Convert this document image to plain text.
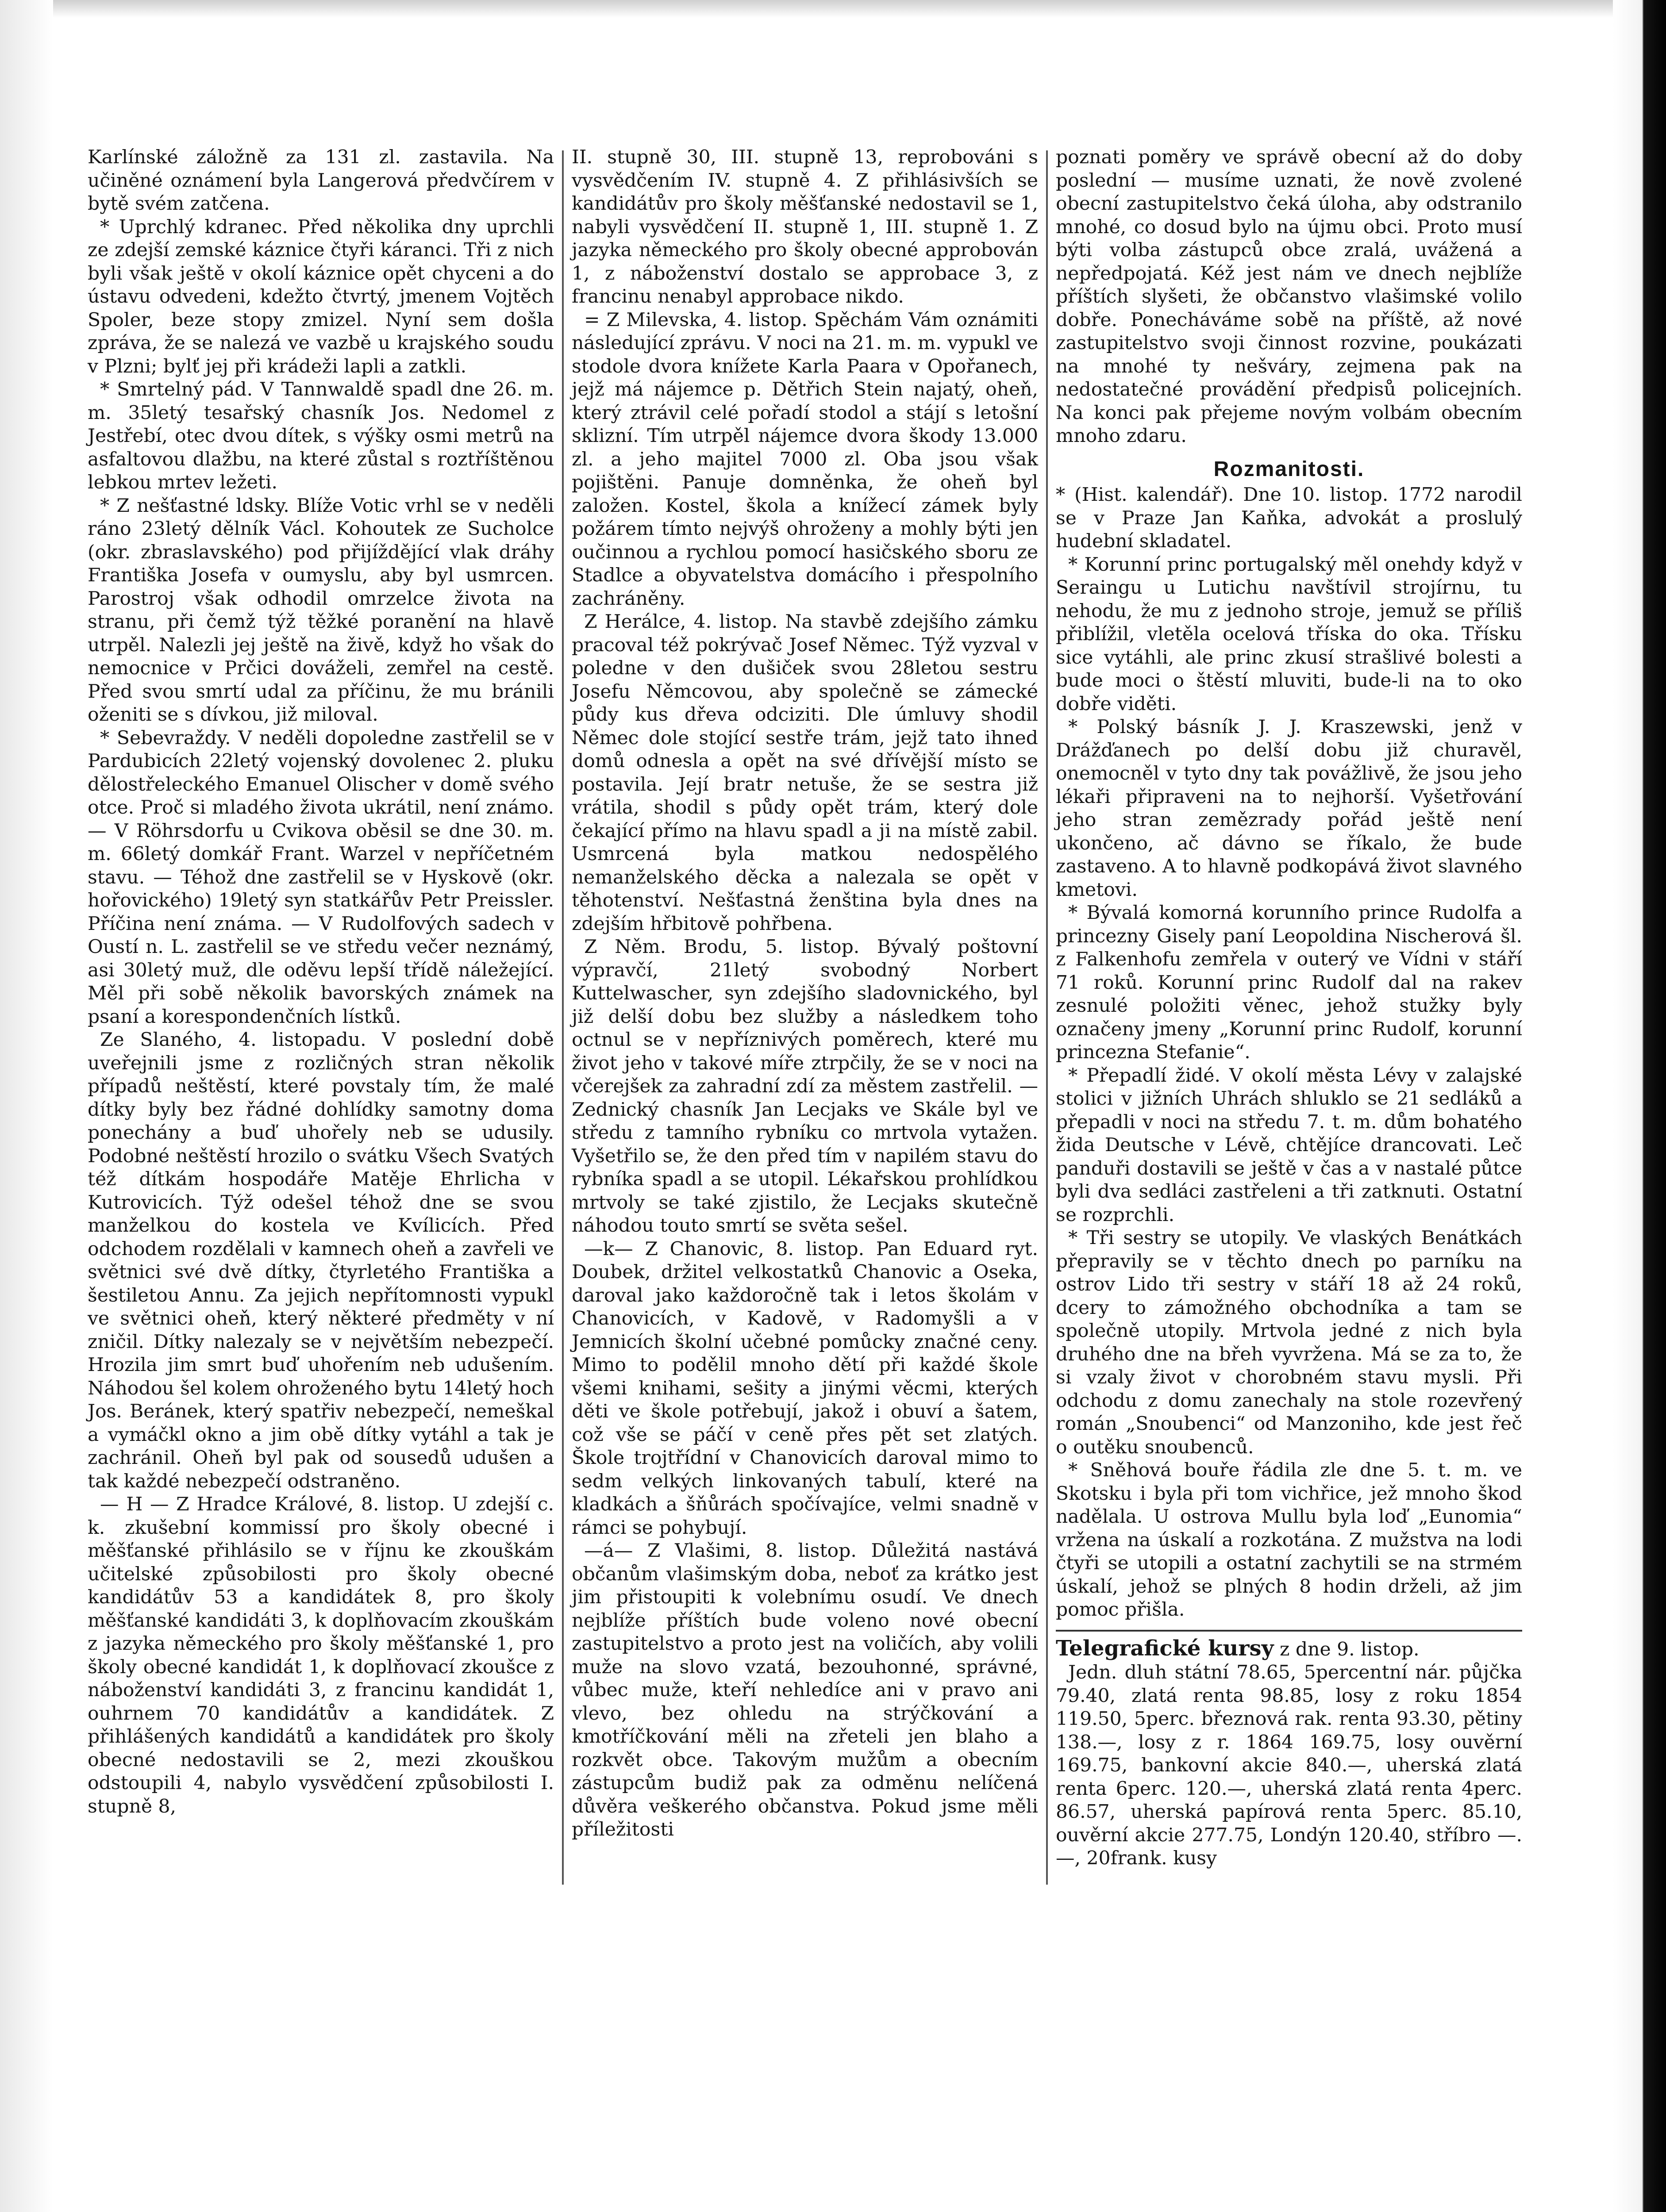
Karlínské záložně za 131 zl. zastavila. Na učiněné oznámení byla Langerová předvčírem v bytě svém zatčena.

* Uprchlý kdranec. Před několika dny uprchli ze zdejší zemské káznice čtyři káranci. Tři z nich byli však ještě v okolí káznice opět chyceni a do ústavu odvedeni, kdežto čtvrtý, jmenem Vojtěch Spoler, beze stopy zmizel. Nyní sem došla zpráva, že se nalezá ve vazbě u krajského soudu v Plzni; bylť jej při krádeži lapli a zatkli.

* Smrtelný pád. V Tannwaldě spadl dne 26. m. m. 35letý tesařský chasník Jos. Nedomel z Jestřebí, otec dvou dítek, s výšky osmi metrů na asfaltovou dlažbu, na které zůstal s roztříštěnou lebkou mrtev ležeti.

* Z nešťastné ldsky. Blíže Votic vrhl se v neděli ráno 23letý dělník Václ. Kohoutek ze Sucholce (okr. zbraslavského) pod přijíždějící vlak dráhy Františka Josefa v oumyslu, aby byl usmrcen. Parostroj však odhodil omrzelce života na stranu, při čemž týž těžké poranění na hlavě utrpěl. Nalezli jej ještě na živě, když ho však do nemocnice v Prčici dováželi, zemřel na cestě. Před svou smrtí udal za příčinu, že mu bránili oženiti se s dívkou, již miloval.

* Sebevraždy. V neděli dopoledne zastřelil se v Pardubicích 22letý vojenský dovolenec 2. pluku dělostřeleckého Emanuel Olischer v domě svého otce. Proč si mladého života ukrátil, není známo. — V Röhrsdorfu u Cvikova oběsil se dne 30. m. m. 66letý domkář Frant. Warzel v nepříčetném stavu. — Téhož dne zastřelil se v Hyskově (okr. hořovického) 19letý syn statkářův Petr Preissler. Příčina není známa. — V Rudolfových sadech v Oustí n. L. zastřelil se ve středu večer neznámý, asi 30letý muž, dle oděvu lepší třídě náležející. Měl při sobě několik bavorských známek na psaní a korespondenčních lístků.

Ze Slaného, 4. listopadu. V poslední době uveřejnili jsme z rozličných stran několik případů neštěstí, které povstaly tím, že malé dítky byly bez řádné dohlídky samotny doma ponechány a buď uhořely neb se udusily. Podobné neštěstí hrozilo o svátku Všech Svatých též dítkám hospodáře Matěje Ehrlicha v Kutrovicích. Týž odešel téhož dne se svou manželkou do kostela ve Kvílicích. Před odchodem rozdělali v kamnech oheň a zavřeli ve světnici své dvě dítky, čtyrletého Františka a šestiletou Annu. Za jejich nepřítomnosti vypukl ve světnici oheň, který některé předměty v ní zničil. Dítky nalezaly se v největším nebezpečí. Hrozila jim smrt buď uhořením neb udušením. Náhodou šel kolem ohroženého bytu 14letý hoch Jos. Beránek, který spatřiv nebezpečí, nemeškal a vymáčkl okno a jim obě dítky vytáhl a tak je zachránil. Oheň byl pak od sousedů udušen a tak každé nebezpečí odstraněno.

— H — Z Hradce Králové, 8. listop. U zdejší c. k. zkušební kommissí pro školy obecné i měšťanské přihlásilo se v říjnu ke zkouškám učitelské způsobilosti pro školy obecné kandidátův 53 a kandidátek 8, pro školy měšťanské kandidáti 3, k doplňovacím zkouškám z jazyka německého pro školy měšťanské 1, pro školy obecné kandidát 1, k doplňovací zkoušce z náboženství kandidáti 3, z francinu kandidát 1, ouhrnem 70 kandidátův a kandidátek. Z přihlášených kandidátů a kandidátek pro školy obecné nedostavili se 2, mezi zkouškou odstoupili 4, nabylo vysvědčení způsobilosti I. stupně 8,

II. stupně 30, III. stupně 13, reprobováni s vysvědčením IV. stupně 4. Z přihlásivších se kandidátův pro školy měšťanské nedostavil se 1, nabyli vysvědčení II. stupně 1, III. stupně 1. Z jazyka německého pro školy obecné approbován 1, z náboženství dostalo se approbace 3, z francinu nenabyl approbace nikdo.

= Z Milevska, 4. listop. Spěchám Vám oznámiti následující zprávu. V noci na 21. m. m. vypukl ve stodole dvora knížete Karla Paara v Opořanech, jejž má nájemce p. Dětřich Stein najatý, oheň, který ztrávil celé pořadí stodol a stájí s letošní sklizní. Tím utrpěl nájemce dvora škody 13.000 zl. a jeho majitel 7000 zl. Oba jsou však pojištěni. Panuje domněnka, že oheň byl založen. Kostel, škola a knížecí zámek byly požárem tímto nejvýš ohroženy a mohly býti jen oučinnou a rychlou pomocí hasičského sboru ze Stadlce a obyvatelstva domácího i přespolního zachráněny.

Z Herálce, 4. listop. Na stavbě zdejšího zámku pracoval též pokrývač Josef Němec. Týž vyzval v poledne v den dušiček svou 28letou sestru Josefu Němcovou, aby společně se zámecké půdy kus dřeva odciziti. Dle úmluvy shodil Němec dole stojící sestře trám, jejž tato ihned domů odnesla a opět na své dřívější místo se postavila. Její bratr netuše, že se sestra již vrátila, shodil s půdy opět trám, který dole čekající přímo na hlavu spadl a ji na místě zabil. Usmrcená byla matkou nedospělého nemanželského děcka a nalezala se opět v těhotenství. Nešťastná ženština byla dnes na zdejším hřbitově pohřbena.

Z Něm. Brodu, 5. listop. Bývalý poštovní výpravčí, 21letý svobodný Norbert Kuttelwascher, syn zdejšího sladovnického, byl již delší dobu bez služby a následkem toho octnul se v nepříznivých poměrech, které mu život jeho v takové míře ztrpčily, že se v noci na včerejšek za zahradní zdí za městem zastřelil. — Zednický chasník Jan Lecjaks ve Skále byl ve středu z tamního rybníku co mrtvola vytažen. Vyšetřilo se, že den před tím v napilém stavu do rybníka spadl a se utopil. Lékařskou prohlídkou mrtvoly se také zjistilo, že Lecjaks skutečně náhodou touto smrtí se světa sešel.

—k— Z Chanovic, 8. listop. Pan Eduard ryt. Doubek, držitel velkostatků Chanovic a Oseka, daroval jako každoročně tak i letos školám v Chanovicích, v Kadově, v Radomyšli a v Jemnicích školní učebné pomůcky značné ceny. Mimo to podělil mnoho dětí při každé škole všemi knihami, sešity a jinými věcmi, kterých děti ve škole potřebují, jakož i obuví a šatem, což vše se páčí v ceně přes pět set zlatých. Škole trojtřídní v Chanovicích daroval mimo to sedm velkých linkovaných tabulí, které na kladkách a šňůrách spočívajíce, velmi snadně v rámci se pohybují.

—á— Z Vlašimi, 8. listop. Důležitá nastává občanům vlašimským doba, neboť za krátko jest jim přistoupiti k volebnímu osudí. Ve dnech nejblíže příštích bude voleno nové obecní zastupitelstvo a proto jest na voličích, aby volili muže na slovo vzatá, bezouhonné, správné, vůbec muže, kteří nehledíce ani v pravo ani vlevo, bez ohledu na strýčkování a kmotříčkování měli na zřeteli jen blaho a rozkvět obce. Takovým mužům a obecním zástupcům budiž pak za odměnu nelíčená důvěra veškerého občanstva. Pokud jsme měli příležitosti

poznati poměry ve správě obecní až do doby poslední — musíme uznati, že nově zvolené obecní zastupitelstvo čeká úloha, aby odstranilo mnohé, co dosud bylo na újmu obci. Proto musí býti volba zástupců obce zralá, uvážená a nepředpojatá. Kéž jest nám ve dnech nejblíže příštích slyšeti, že občanstvo vlašimské volilo dobře. Ponecháváme sobě na příště, až nové zastupitelstvo svoji činnost rozvine, poukázati na mnohé ty nešváry, zejmena pak na nedostatečné provádění předpisů policejních. Na konci pak přejeme novým volbám obecním mnoho zdaru.

Rozmanitosti.

* (Hist. kalendář). Dne 10. listop. 1772 narodil se v Praze Jan Kaňka, advokát a proslulý hudební skladatel.

* Korunní princ portugalský měl onehdy když v Seraingu u Lutichu navštívil strojírnu, tu nehodu, že mu z jednoho stroje, jemuž se příliš přiblížil, vletěla ocelová tříska do oka. Třísku sice vytáhli, ale princ zkusí strašlivé bolesti a bude moci o štěstí mluviti, bude-li na to oko dobře viděti.

* Polský básník J. J. Kraszewski, jenž v Drážďanech po delší dobu již churavěl, onemocněl v tyto dny tak povážlivě, že jsou jeho lékaři připraveni na to nejhorší. Vyšetřování jeho stran zemězrady pořád ještě není ukončeno, ač dávno se říkalo, že bude zastaveno. A to hlavně podkopává život slavného kmetovi.

* Bývalá komorná korunního prince Rudolfa a princezny Gisely paní Leopoldina Nischerová šl. z Falkenhofu zemřela v outerý ve Vídni v stáří 71 roků. Korunní princ Rudolf dal na rakev zesnulé položiti věnec, jehož stužky byly označeny jmeny „Korunní princ Rudolf, korunní princezna Stefanie“.

* Přepadlí židé. V okolí města Lévy v zalajské stolici v jižních Uhrách shluklo se 21 sedláků a přepadli v noci na středu 7. t. m. dům bohatého žida Deutsche v Lévě, chtějíce drancovati. Leč panduři dostavili se ještě v čas a v nastalé půtce byli dva sedláci zastřeleni a tři zatknuti. Ostatní se rozprchli.

* Tři sestry se utopily. Ve vlaských Benátkách přepravily se v těchto dnech po parníku na ostrov Lido tři sestry v stáří 18 až 24 roků, dcery to zámožného obchodníka a tam se společně utopily. Mrtvola jedné z nich byla druhého dne na břeh vyvržena. Má se za to, že si vzaly život v chorobném stavu mysli. Při odchodu z domu zanechaly na stole rozevřený román „Snoubenci“ od Manzoniho, kde jest řeč o outěku snoubenců.

* Sněhová bouře řádila zle dne 5. t. m. ve Skotsku i byla při tom vichřice, jež mnoho škod nadělala. U ostrova Mullu byla loď „Eunomia“ vržena na úskalí a rozkotána. Z mužstva na lodi čtyři se utopili a ostatní zachytili se na strmém úskalí, jehož se plných 8 hodin drželi, až jim pomoc přišla.

Telegrafické kursy z dne 9. listop.

Jedn. dluh státní 78.65, 5percentní nár. půjčka 79.40, zlatá renta 98.85, losy z roku 1854 119.50, 5perc. březnová rak. renta 93.30, pětiny 138.—, losy z r. 1864 169.75, losy ouvěrní 169.75, bankovní akcie 840.—, uherská zlatá renta 6perc. 120.—, uherská zlatá renta 4perc. 86.57, uherská papírová renta 5perc. 85.10, ouvěrní akcie 277.75, Londýn 120.40, stříbro —.—, 20frank. kusy
